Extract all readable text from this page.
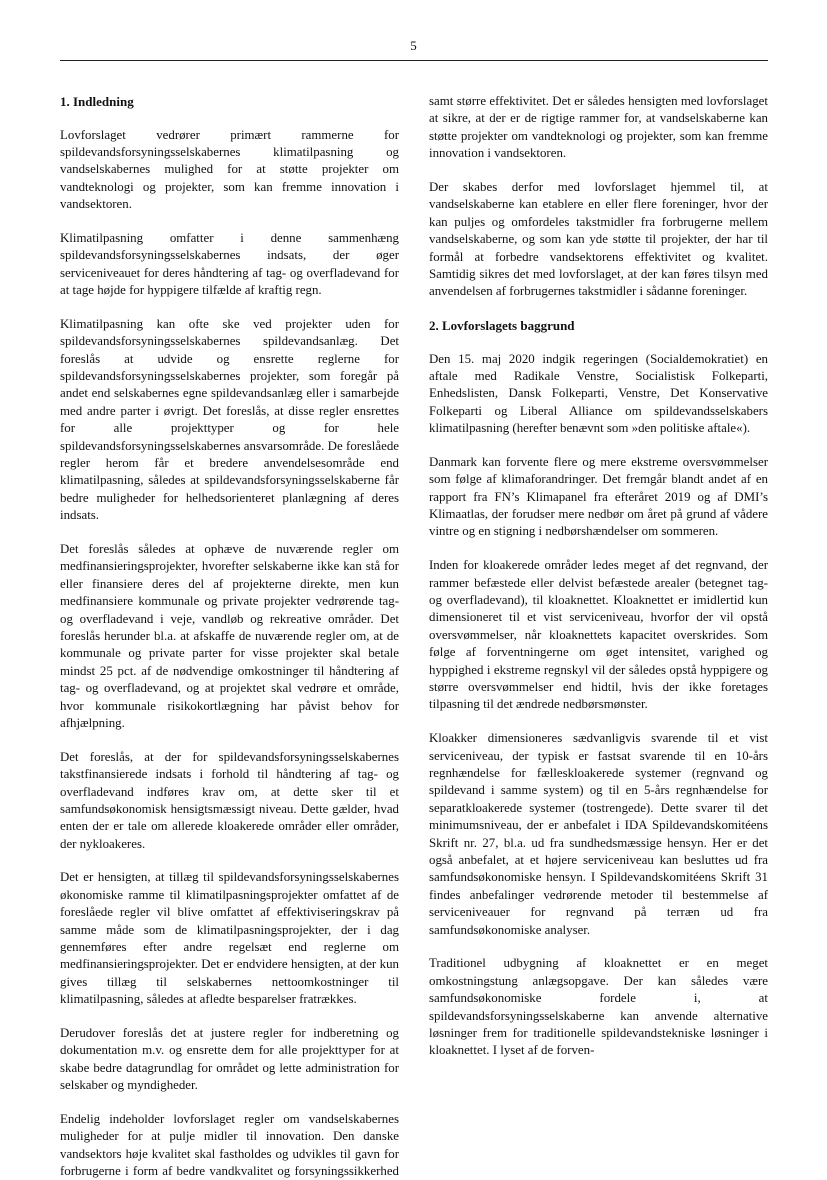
5
1. Indledning

Lovforslaget vedrører primært rammerne for spildevandsforsyningsselskabernes klimatilpasning og vandselskabernes mulighed for at støtte projekter om vandteknologi og projekter, som kan fremme innovation i vandsektoren.

Klimatilpasning omfatter i denne sammenhæng spildevandsforsyningsselskabernes indsats, der øger serviceniveauet for deres håndtering af tag- og overfladevand for at tage højde for hyppigere tilfælde af kraftig regn.

Klimatilpasning kan ofte ske ved projekter uden for spildevandsforsyningsselskabernes spildevandsanlæg. Det foreslås at udvide og ensrette reglerne for spildevandsforsyningsselskabernes projekter, som foregår på andet end selskabernes egne spildevandsanlæg eller i samarbejde med andre parter i øvrigt. Det foreslås, at disse regler ensrettes for alle projekttyper og for hele spildevandsforsyningsselskabernes ansvarsområde. De foreslåede regler herom får et bredere anvendelsesområde end klimatilpasning, således at spildevandsforsyningsselskaberne får bedre muligheder for helhedsorienteret planlægning af deres indsats.

Det foreslås således at ophæve de nuværende regler om medfinansieringsprojekter, hvorefter selskaberne ikke kan stå for eller finansiere deres del af projekterne direkte, men kun medfinansiere kommunale og private projekter vedrørende tag- og overfladevand i veje, vandløb og rekreative områder. Det foreslås herunder bl.a. at afskaffe de nuværende regler om, at de kommunale og private parter for visse projekter skal betale mindst 25 pct. af de nødvendige omkostninger til håndtering af tag- og overfladevand, og at projektet skal vedrøre et område, hvor kommunale risikokortlægning har påvist behov for afhjælpning.

Det foreslås, at der for spildevandsforsyningsselskabernes takstfinansierede indsats i forhold til håndtering af tag- og overfladevand indføres krav om, at dette sker til et samfundsøkonomisk hensigtsmæssigt niveau. Dette gælder, hvad enten der er tale om allerede kloakerede områder eller områder, der nykloakeres.

Det er hensigten, at tillæg til spildevandsforsyningsselskabernes økonomiske ramme til klimatilpasningsprojekter omfattet af de foreslåede regler vil blive omfattet af effektiviseringskrav på samme måde som de klimatilpasningsprojekter, der i dag gennemføres efter andre regelsæt end reglerne om medfinansieringsprojekter. Det er endvidere hensigten, at der kun gives tillæg til selskabernes nettoomkostninger til klimatilpasning, således at afledte besparelser fratrækkes.

Derudover foreslås det at justere regler for indberetning og dokumentation m.v. og ensrette dem for alle projekttyper for at skabe bedre datagrundlag for området og lette administration for selskaber og myndigheder.

Endelig indeholder lovforslaget regler om vandselskabernes muligheder for at pulje midler til innovation. Den danske vandsektors høje kvalitet skal fastholdes og udvikles til gavn for forbrugerne i form af bedre vandkvalitet og forsyningssikkerhed

samt større effektivitet. Det er således hensigten med lovforslaget at sikre, at der er de rigtige rammer for, at vandselskaberne kan støtte projekter om vandteknologi og projekter, som kan fremme innovation i vandsektoren.

Der skabes derfor med lovforslaget hjemmel til, at vandselskaberne kan etablere en eller flere foreninger, hvor der kan puljes og omfordeles takstmidler fra forbrugerne mellem vandselskaberne, og som kan yde støtte til projekter, der har til formål at forbedre vandsektorens effektivitet og kvalitet. Samtidig sikres det med lovforslaget, at der kan føres tilsyn med anvendelsen af forbrugernes takstmidler i sådanne foreninger.

2. Lovforslagets baggrund

Den 15. maj 2020 indgik regeringen (Socialdemokratiet) en aftale med Radikale Venstre, Socialistisk Folkeparti, Enhedslisten, Dansk Folkeparti, Venstre, Det Konservative Folkeparti og Liberal Alliance om spildevandsselskabers klimatilpasning (herefter benævnt som »den politiske aftale«).

Danmark kan forvente flere og mere ekstreme oversvømmelser som følge af klimaforandringer. Det fremgår blandt andet af en rapport fra FN’s Klimapanel fra efteråret 2019 og af DMI’s Klimaatlas, der forudser mere nedbør om året på grund af vådere vintre og en stigning i nedbørshændelser om sommeren.

Inden for kloakerede områder ledes meget af det regnvand, der rammer befæstede eller delvist befæstede arealer (betegnet tag- og overfladevand), til kloaknettet. Kloaknettet er imidlertid kun dimensioneret til et vist serviceniveau, hvorfor der vil opstå oversvømmelser, når kloaknettets kapacitet overskrides. Som følge af forventningerne om øget intensitet, varighed og hyppighed i ekstreme regnskyl vil der således opstå hyppigere og større oversvømmelser end hidtil, hvis der ikke foretages tilpasning til det ændrede nedbørsmønster.

Kloakker dimensioneres sædvanligvis svarende til et vist serviceniveau, der typisk er fastsat svarende til en 10-års regnhændelse for fælleskloakerede systemer (regnvand og spildevand i samme system) og til en 5-års regnhændelse for separatkloakerede systemer (tostrengede). Dette svarer til det minimumsniveau, der er anbefalet i IDA Spildevandskomitéens Skrift nr. 27, bl.a. ud fra sundhedsmæssige hensyn. Her er det også anbefalet, at et højere serviceniveau kan besluttes ud fra samfundsøkonomiske hensyn. I Spildevandskomitéens Skrift 31 findes anbefalinger vedrørende metoder til bestemmelse af serviceniveauer for regnvand på terræn ud fra samfundsøkonomiske analyser.

Traditionel udbygning af kloaknettet er en meget omkostningstung anlægsopgave. Der kan således være samfundsøkonomiske fordele i, at spildevandsforsyningsselskaberne kan anvende alternative løsninger frem for traditionelle spildevandstekniske løsninger i kloaknettet. I lyset af de forven-
